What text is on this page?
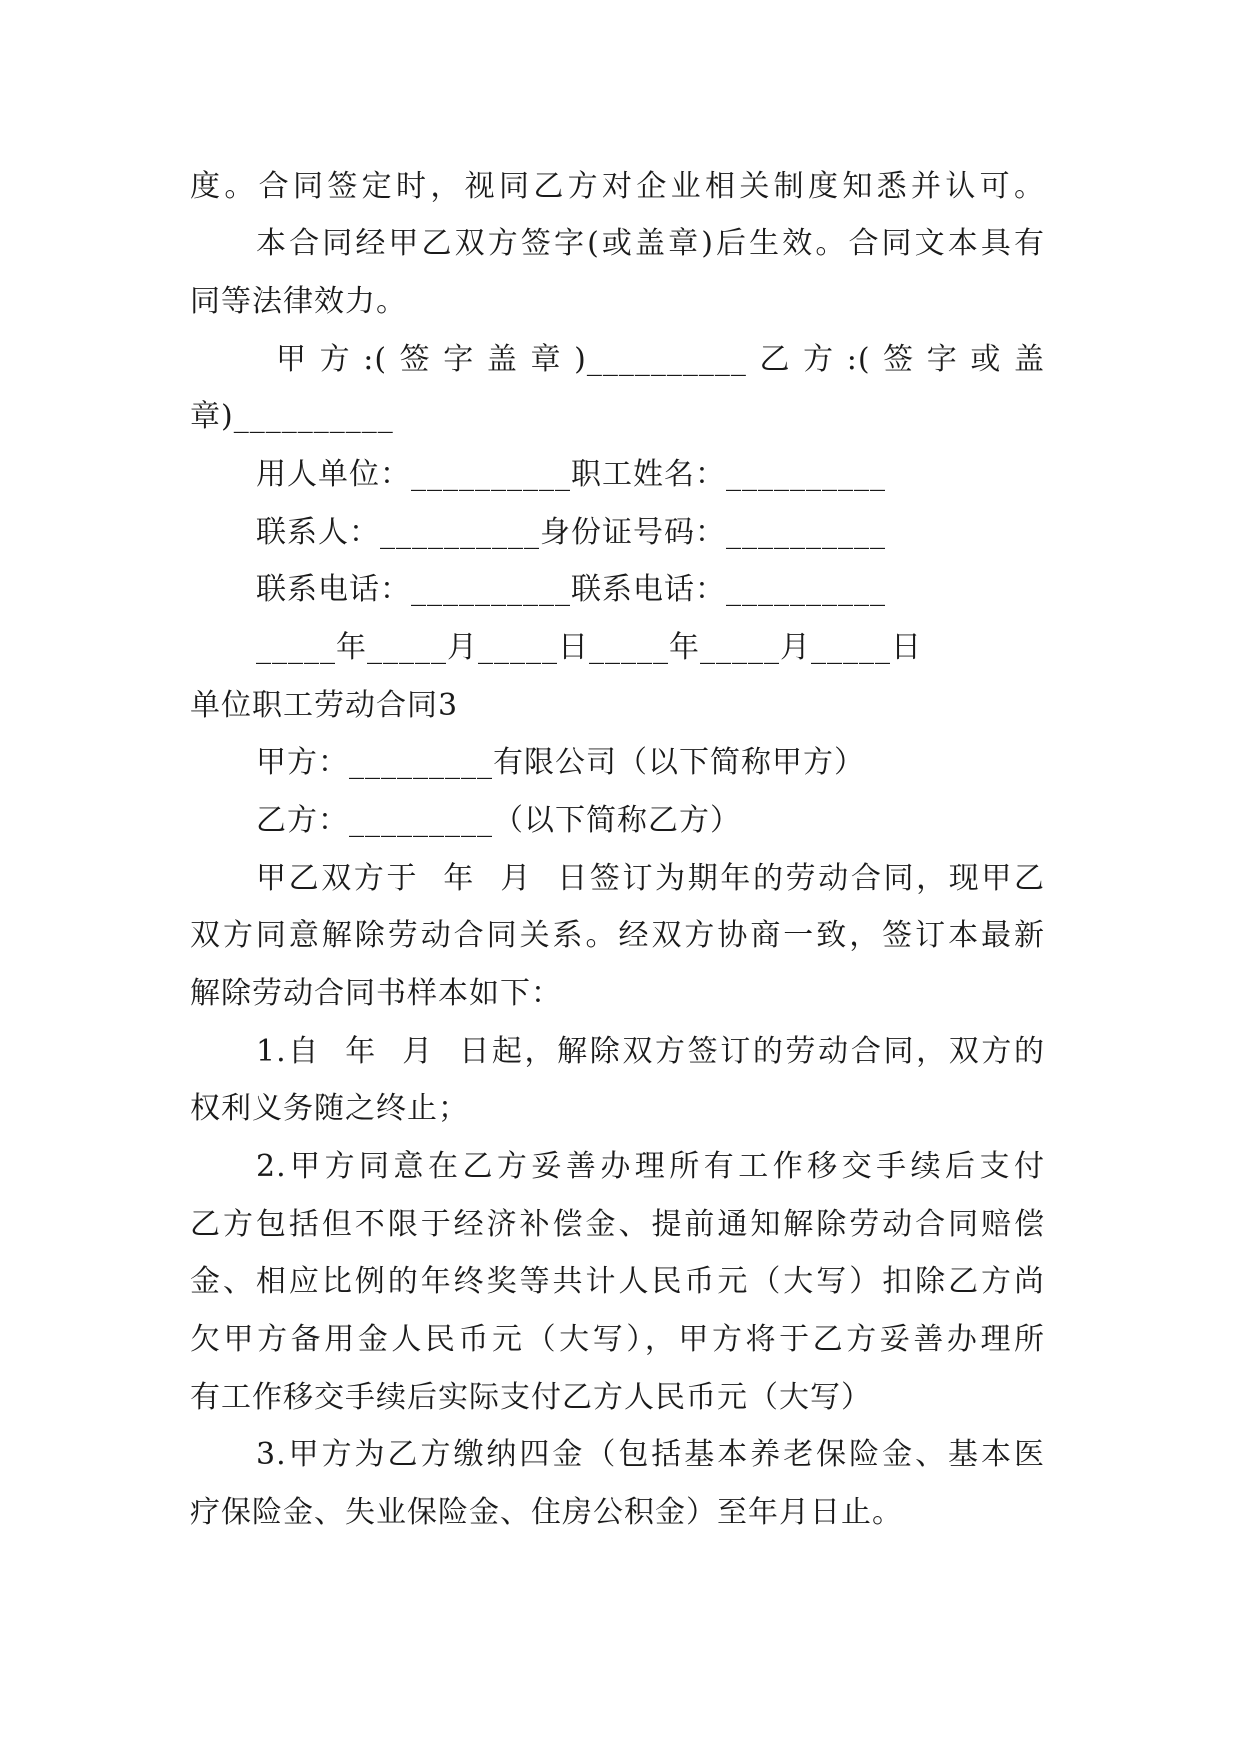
度。合同签定时，视同乙方对企业相关制度知悉并认可。
本合同经甲乙双方签字(或盖章)后生效。合同文本具有
同等法律效力。
甲方:(签字盖章)__________乙方:(签字或盖
章)__________
用人单位：__________职工姓名：__________
联系人：__________身份证号码：__________
联系电话：__________联系电话：__________
_____年_____月_____日_____年_____月_____日
单位职工劳动合同3
甲方：_________有限公司（以下简称甲方）
乙方：_________（以下简称乙方）
甲乙双方于  年  月  日签订为期年的劳动合同，现甲乙
双方同意解除劳动合同关系。经双方协商一致，签订本最新
解除劳动合同书样本如下：
1.自  年  月  日起，解除双方签订的劳动合同，双方的
权利义务随之终止；
2.甲方同意在乙方妥善办理所有工作移交手续后支付
乙方包括但不限于经济补偿金、提前通知解除劳动合同赔偿
金、相应比例的年终奖等共计人民币元（大写）扣除乙方尚
欠甲方备用金人民币元（大写），甲方将于乙方妥善办理所
有工作移交手续后实际支付乙方人民币元（大写）
3.甲方为乙方缴纳四金（包括基本养老保险金、基本医
疗保险金、失业保险金、住房公积金）至年月日止。
